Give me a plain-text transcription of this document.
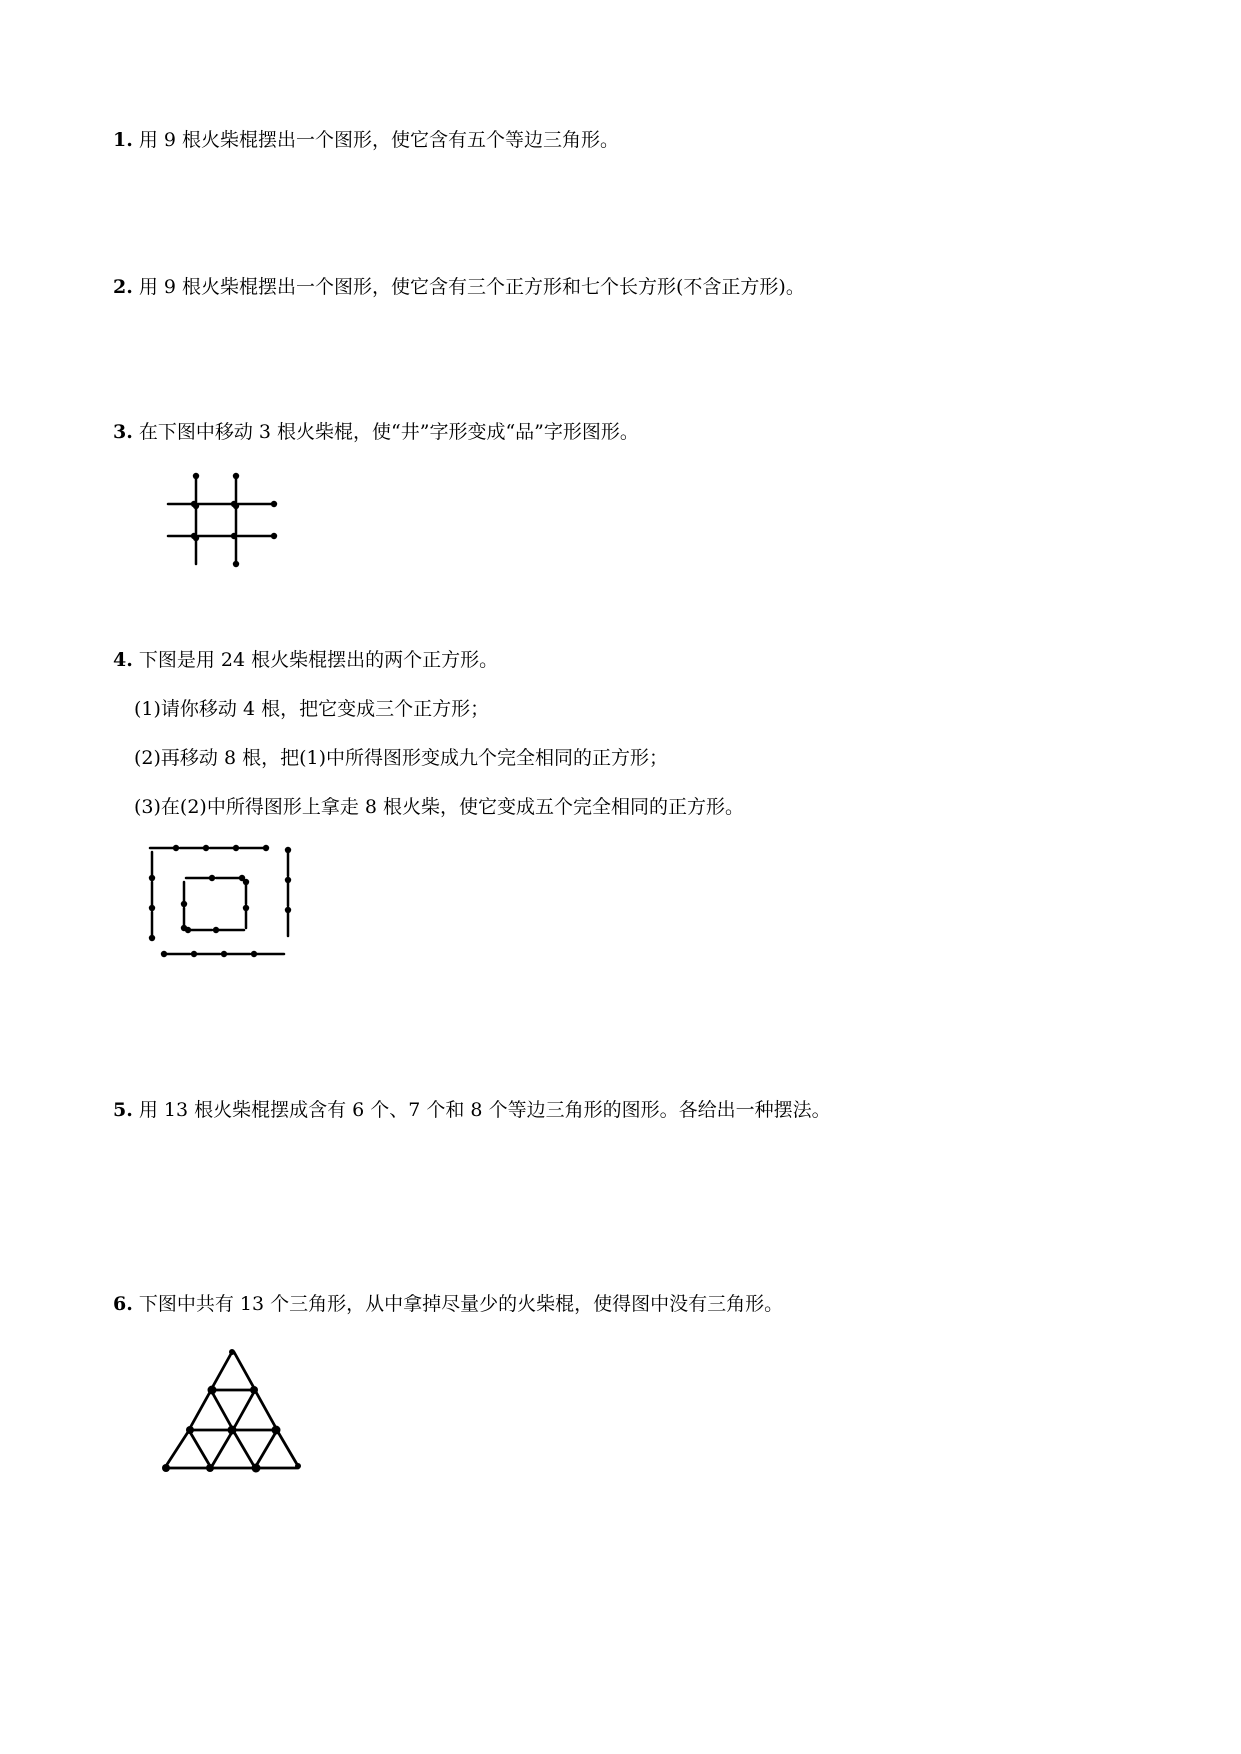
1. 用 9 根火柴棍摆出一个图形，使它含有五个等边三角形。
2. 用 9 根火柴棍摆出一个图形，使它含有三个正方形和七个长方形(不含正方形)。
3. 在下图中移动 3 根火柴棍，使“井”字形变成“品”字形图形。
4. 下图是用 24 根火柴棍摆出的两个正方形。
(1)请你移动 4 根，把它变成三个正方形；
(2)再移动 8 根，把(1)中所得图形变成九个完全相同的正方形；
(3)在(2)中所得图形上拿走 8 根火柴，使它变成五个完全相同的正方形。
5. 用 13 根火柴棍摆成含有 6 个、7 个和 8 个等边三角形的图形。各给出一种摆法。
6. 下图中共有 13 个三角形，从中拿掉尽量少的火柴棍，使得图中没有三角形。
